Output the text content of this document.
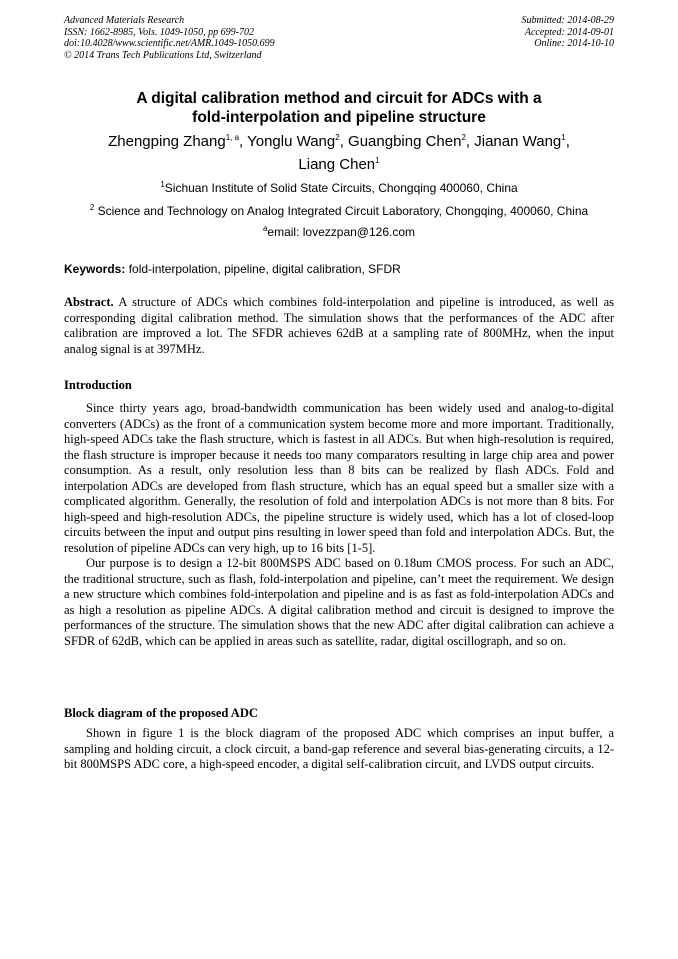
Advanced Materials Research
ISSN: 1662-8985, Vols. 1049-1050, pp 699-702
doi:10.4028/www.scientific.net/AMR.1049-1050.699
© 2014 Trans Tech Publications Ltd, Switzerland
Submitted: 2014-08-29
Accepted: 2014-09-01
Online: 2014-10-10
A digital calibration method and circuit for ADCs with a
fold-interpolation and pipeline structure
Zhengping Zhang$^{1, a}$, Yonglu Wang$^2$, Guangbing Chen$^2$, Jianan Wang$^1$,
Liang Chen$^1$
$^1$Sichuan Institute of Solid State Circuits, Chongqing 400060, China
$^2$ Science and Technology on Analog Integrated Circuit Laboratory, Chongqing, 400060, China
$^a$email: lovezzpan@126.com
Keywords: fold-interpolation, pipeline, digital calibration, SFDR

Abstract. A structure of ADCs which combines fold-interpolation and pipeline is introduced, as well as corresponding digital calibration method. The simulation shows that the performances of the ADC after calibration are improved a lot. The SFDR achieves 62dB at a sampling rate of 800MHz, when the input analog signal is at 397MHz.

Introduction

Since thirty years ago, broad-bandwidth communication has been widely used and analog-to-digital converters (ADCs) as the front of a communication system become more and more important. Traditionally, high-speed ADCs take the flash structure, which is fastest in all ADCs. But when high-resolution is required, the flash structure is improper because it needs too many comparators resulting in large chip area and power consumption. As a result, only resolution less than 8 bits can be realized by flash ADCs. Fold and interpolation ADCs are developed from flash structure, which has an equal speed but a smaller size with a complicated algorithm. Generally, the resolution of fold and interpolation ADCs is not more than 8 bits. For high-speed and high-resolution ADCs, the pipeline structure is widely used, which has a lot of closed-loop circuits between the input and output pins resulting in lower speed than fold and interpolation ADCs. But, the resolution of pipeline ADCs can very high, up to 16 bits [1-5].

Our purpose is to design a 12-bit 800MSPS ADC based on 0.18um CMOS process. For such an ADC, the traditional structure, such as flash, fold-interpolation and pipeline, can’t meet the requirement. We design a new structure which combines fold-interpolation and pipeline and is as fast as fold-interpolation ADCs and as high a resolution as pipeline ADCs. A digital calibration method and circuit is designed to improve the performances of the structure. The simulation shows that the new ADC after digital calibration can achieve a SFDR of 62dB, which can be applied in areas such as satellite, radar, digital oscillograph, and so on.

Block diagram of the proposed ADC

Shown in figure 1 is the block diagram of the proposed ADC which comprises an input buffer, a sampling and holding circuit, a clock circuit, a band-gap reference and several bias-generating circuits, a 12-bit 800MSPS ADC core, a high-speed encoder, a digital self-calibration circuit, and LVDS output circuits.
